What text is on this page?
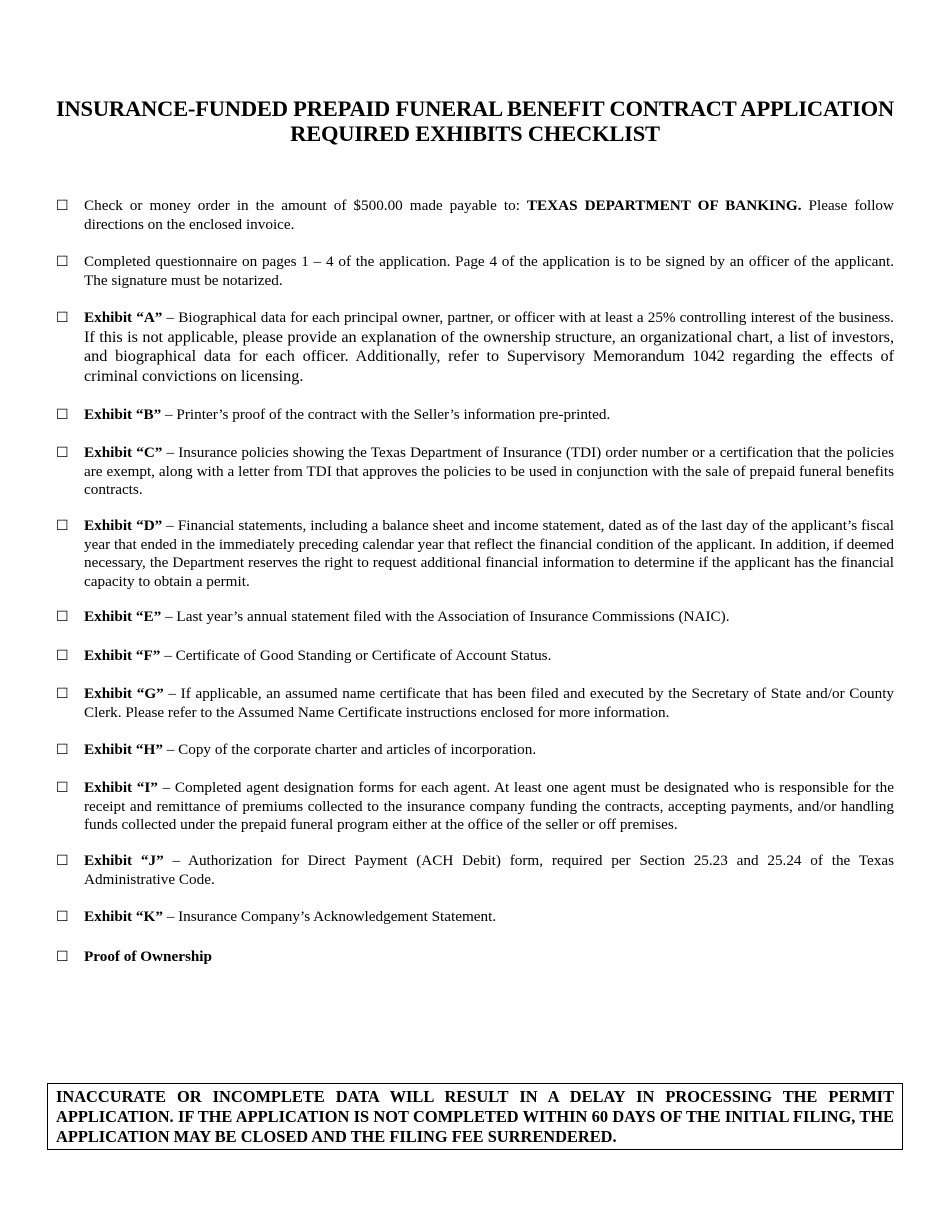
INSURANCE-FUNDED PREPAID FUNERAL BENEFIT CONTRACT APPLICATION
REQUIRED EXHIBITS CHECKLIST
☐ Check or money order in the amount of $500.00 made payable to: TEXAS DEPARTMENT OF BANKING. Please follow directions on the enclosed invoice.
☐ Completed questionnaire on pages 1 – 4 of the application. Page 4 of the application is to be signed by an officer of the applicant. The signature must be notarized.
☐ Exhibit “A” – Biographical data for each principal owner, partner, or officer with at least a 25% controlling interest of the business. If this is not applicable, please provide an explanation of the ownership structure, an organizational chart, a list of investors, and biographical data for each officer. Additionally, refer to Supervisory Memorandum 1042 regarding the effects of criminal convictions on licensing.
☐ Exhibit “B” – Printer’s proof of the contract with the Seller’s information pre-printed.
☐ Exhibit “C” – Insurance policies showing the Texas Department of Insurance (TDI) order number or a certification that the policies are exempt, along with a letter from TDI that approves the policies to be used in conjunction with the sale of prepaid funeral benefits contracts.
☐ Exhibit “D” – Financial statements, including a balance sheet and income statement, dated as of the last day of the applicant’s fiscal year that ended in the immediately preceding calendar year that reflect the financial condition of the applicant. In addition, if deemed necessary, the Department reserves the right to request additional financial information to determine if the applicant has the financial capacity to obtain a permit.
☐ Exhibit “E” – Last year’s annual statement filed with the Association of Insurance Commissions (NAIC).
☐ Exhibit “F” – Certificate of Good Standing or Certificate of Account Status.
☐ Exhibit “G” – If applicable, an assumed name certificate that has been filed and executed by the Secretary of State and/or County Clerk. Please refer to the Assumed Name Certificate instructions enclosed for more information.
☐ Exhibit “H” – Copy of the corporate charter and articles of incorporation.
☐ Exhibit “I” – Completed agent designation forms for each agent. At least one agent must be designated who is responsible for the receipt and remittance of premiums collected to the insurance company funding the contracts, accepting payments, and/or handling funds collected under the prepaid funeral program either at the office of the seller or off premises.
☐ Exhibit “J” – Authorization for Direct Payment (ACH Debit) form, required per Section 25.23 and 25.24 of the Texas Administrative Code.
☐ Exhibit “K” – Insurance Company’s Acknowledgement Statement.
☐ Proof of Ownership
INACCURATE OR INCOMPLETE DATA WILL RESULT IN A DELAY IN PROCESSING THE PERMIT APPLICATION. IF THE APPLICATION IS NOT COMPLETED WITHIN 60 DAYS OF THE INITIAL FILING, THE APPLICATION MAY BE CLOSED AND THE FILING FEE SURRENDERED.
